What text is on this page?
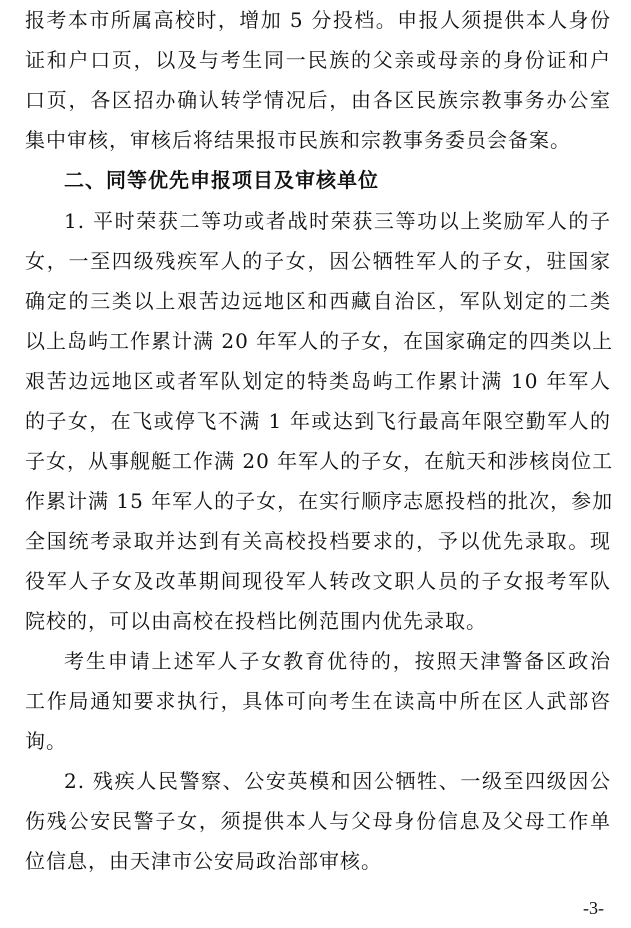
报考本市所属高校时，增加 5 分投档。申报人须提供本人身份
证和户口页，以及与考生同一民族的父亲或母亲的身份证和户
口页，各区招办确认转学情况后，由各区民族宗教事务办公室
集中审核，审核后将结果报市民族和宗教事务委员会备案。
二、同等优先申报项目及审核单位
1. 平时荣获二等功或者战时荣获三等功以上奖励军人的子
女，一至四级残疾军人的子女，因公牺牲军人的子女，驻国家
确定的三类以上艰苦边远地区和西藏自治区，军队划定的二类
以上岛屿工作累计满 20 年军人的子女，在国家确定的四类以上
艰苦边远地区或者军队划定的特类岛屿工作累计满 10 年军人
的子女，在飞或停飞不满 1 年或达到飞行最高年限空勤军人的
子女，从事舰艇工作满 20 年军人的子女，在航天和涉核岗位工
作累计满 15 年军人的子女，在实行顺序志愿投档的批次，参加
全国统考录取并达到有关高校投档要求的，予以优先录取。现
役军人子女及改革期间现役军人转改文职人员的子女报考军队
院校的，可以由高校在投档比例范围内优先录取。
考生申请上述军人子女教育优待的，按照天津警备区政治
工作局通知要求执行，具体可向考生在读高中所在区人武部咨
询。
2. 残疾人民警察、公安英模和因公牺牲、一级至四级因公
伤残公安民警子女，须提供本人与父母身份信息及父母工作单
位信息，由天津市公安局政治部审核。
-3-
